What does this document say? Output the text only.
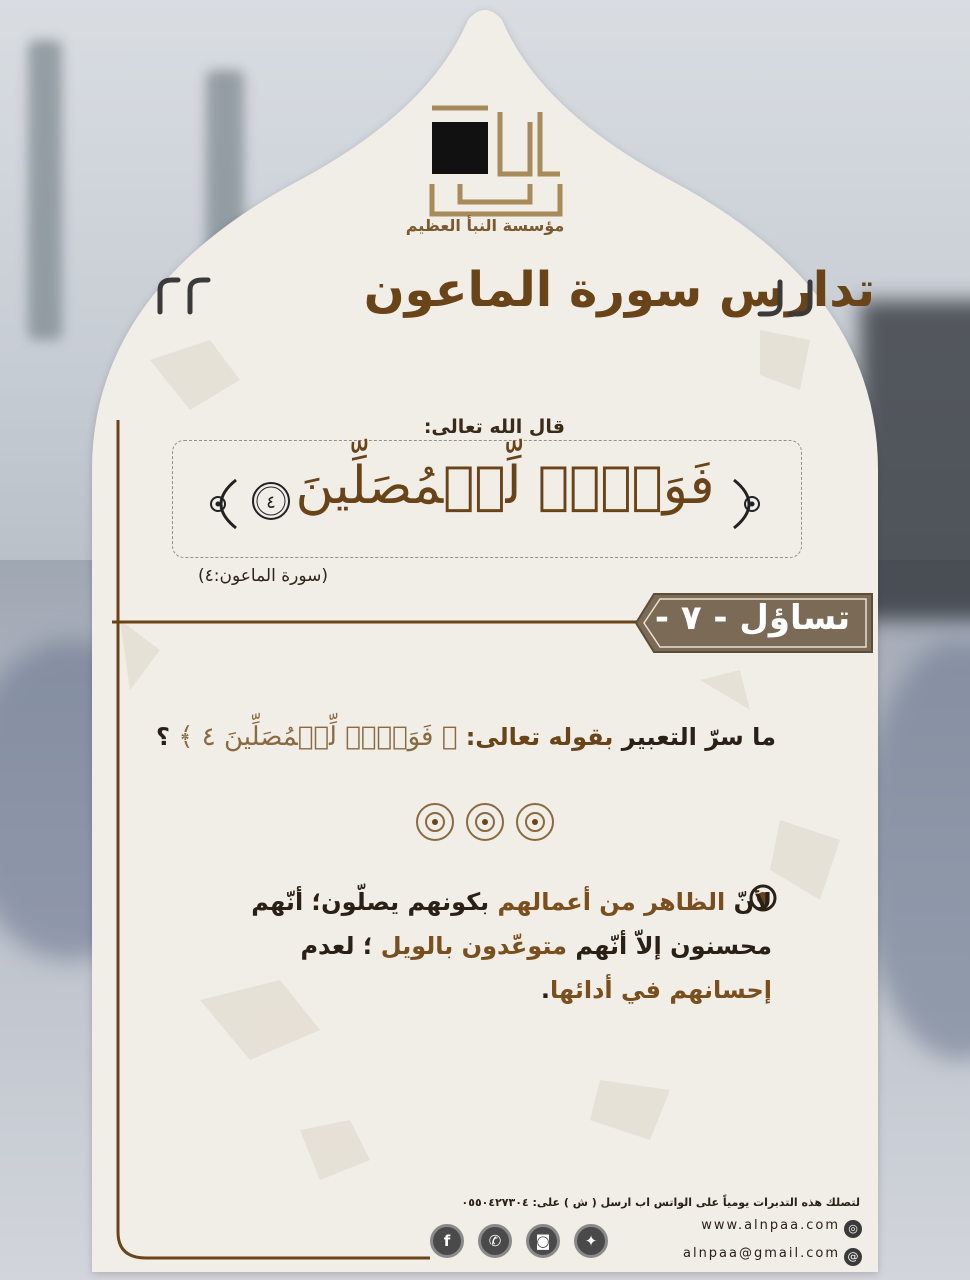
مؤسسة النبأ العظيم
تدارس سورة الماعون
قال الله تعالى:
فَوَيۡلٞ لِّلۡمُصَلِّينَ
٤
(سورة الماعون:٤)
تساؤل - ٧ -
ما سرّ التعبير بقوله تعالى: ﴿ فَوَيۡلٞ لِّلۡمُصَلِّينَ ٤ ﴾ ؟
لأنّ الظاهر من أعمالهم بكونهم يصلّون؛ أنّهم محسنون إلاّ أنّهم متوعّدون بالويل ؛ لعدم إحسانهم في أدائها.
لتصلك هذه التدبرات يومياً على الواتس اب ارسل ( ش ) على: ٠٥٥٠٤٢٧٣٠٤
www.alnpaa.com ◎
alnpaa@gmail.com @
f	✆	◙	✦
